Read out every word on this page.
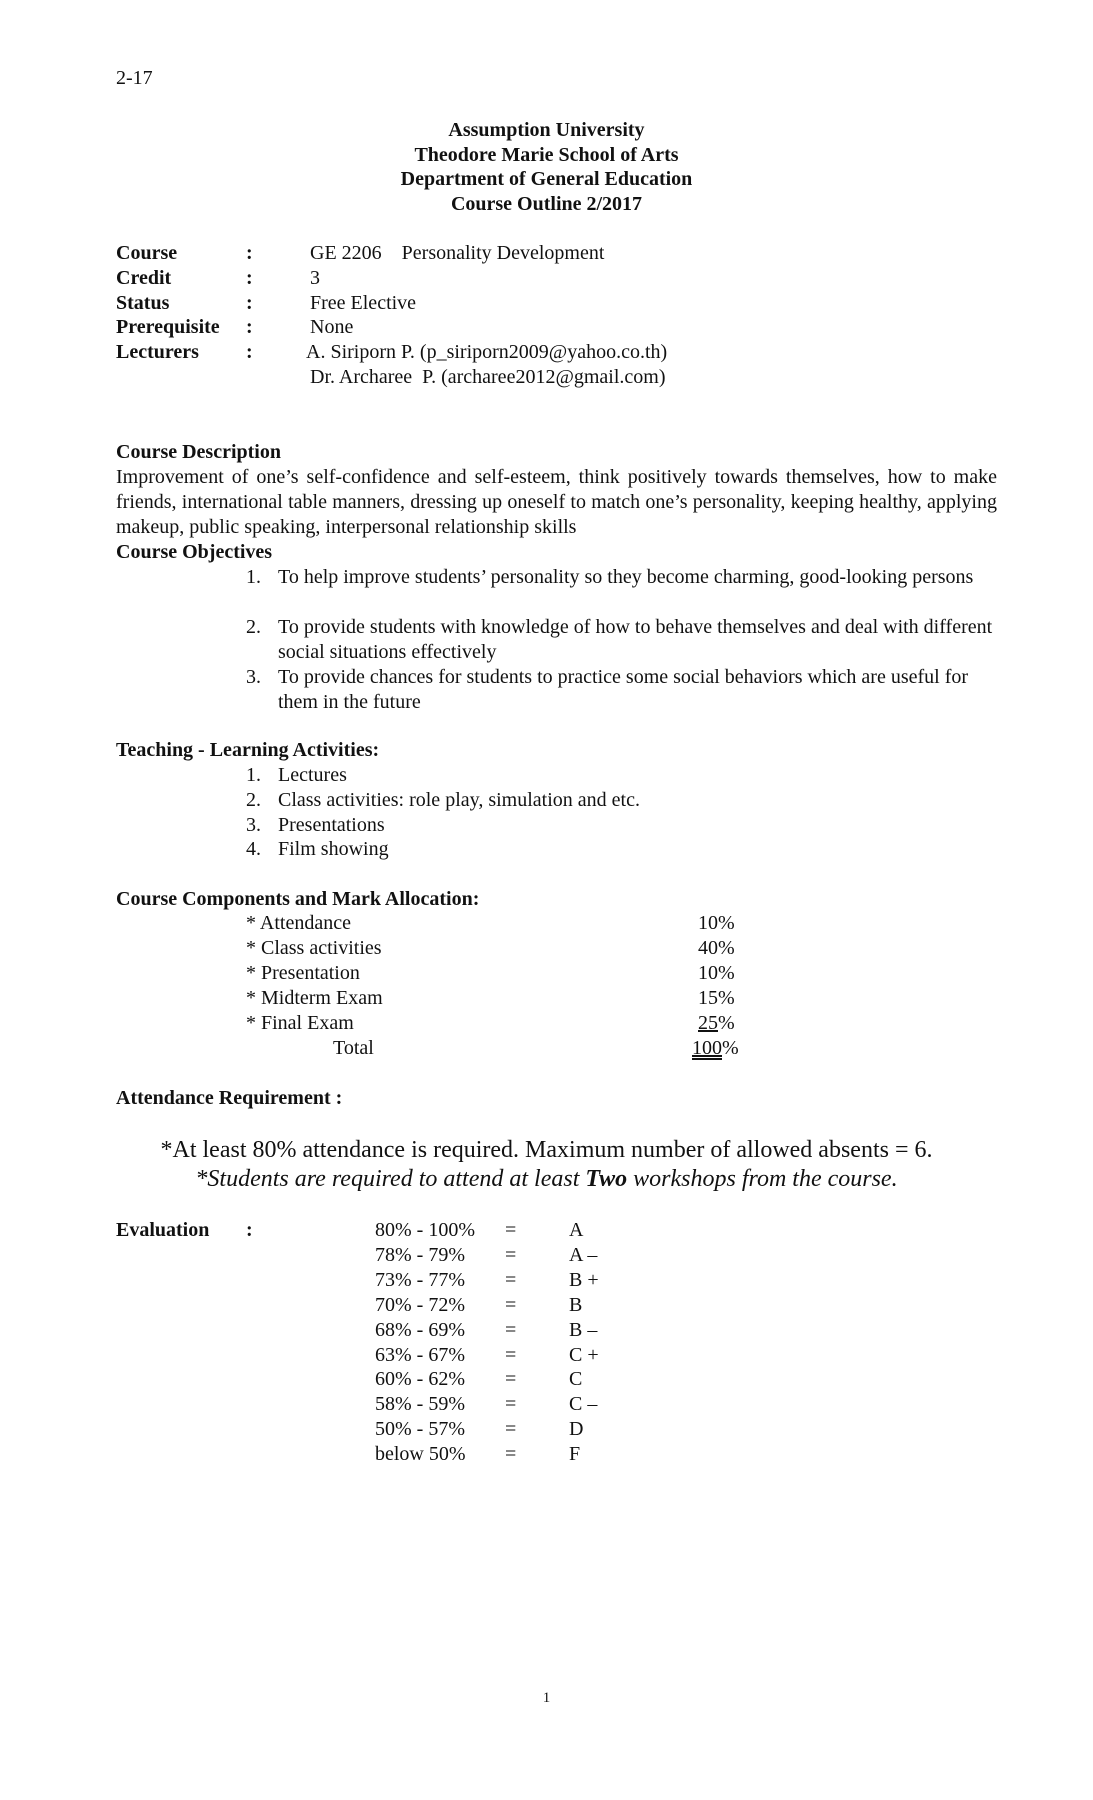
2-17
Course Description
Improvement of one’s self-confidence and self-esteem, think positively towards themselves, how to make friends, international table manners, dressing up oneself to match one’s personality, keeping healthy, applying makeup, public speaking, interpersonal relationship skills
Course Objectives
Teaching - Learning Activities:
Course Components and Mark Allocation:
Attendance Requirement :
*At least 80% attendance is required. Maximum number of allowed absents = 6.
*Students are required to attend at least Two workshops from the course.
Evaluation :
1
Assumption University
Theodore Marie School of Arts
Department of General Education
Course Outline 2/2017
Course	:	GE 2206    Personality Development
Credit	:	3
Status	:	Free Elective
Prerequisite :	None
Lecturers :	A. Siriporn P. (p_siriporn2009@yahoo.co.th)
Dr. Archaree  P. (archaree2012@gmail.com)
1. To help improve students’ personality so they become charming, good-looking persons
2. To provide students with knowledge of how to behave themselves and deal with different social situations effectively
3. To provide chances for students to practice some social behaviors which are useful for them in the future
1. Lectures
2. Class activities: role play, simulation and etc.
3. Presentations
4. Film showing
* Attendance	10%
* Class activities	40%
* Presentation	10%
* Midterm Exam	15%
* Final Exam	25%
Total	100%
80% - 100% =	A
78% - 79% =	A –
73% - 77% =	B +
70% - 72% =	B
68% - 69% =	B –
63% - 67% =	C +
60% - 62% =	C
58% - 59% =	C –
50% - 57% =	D
below 50% =	F
